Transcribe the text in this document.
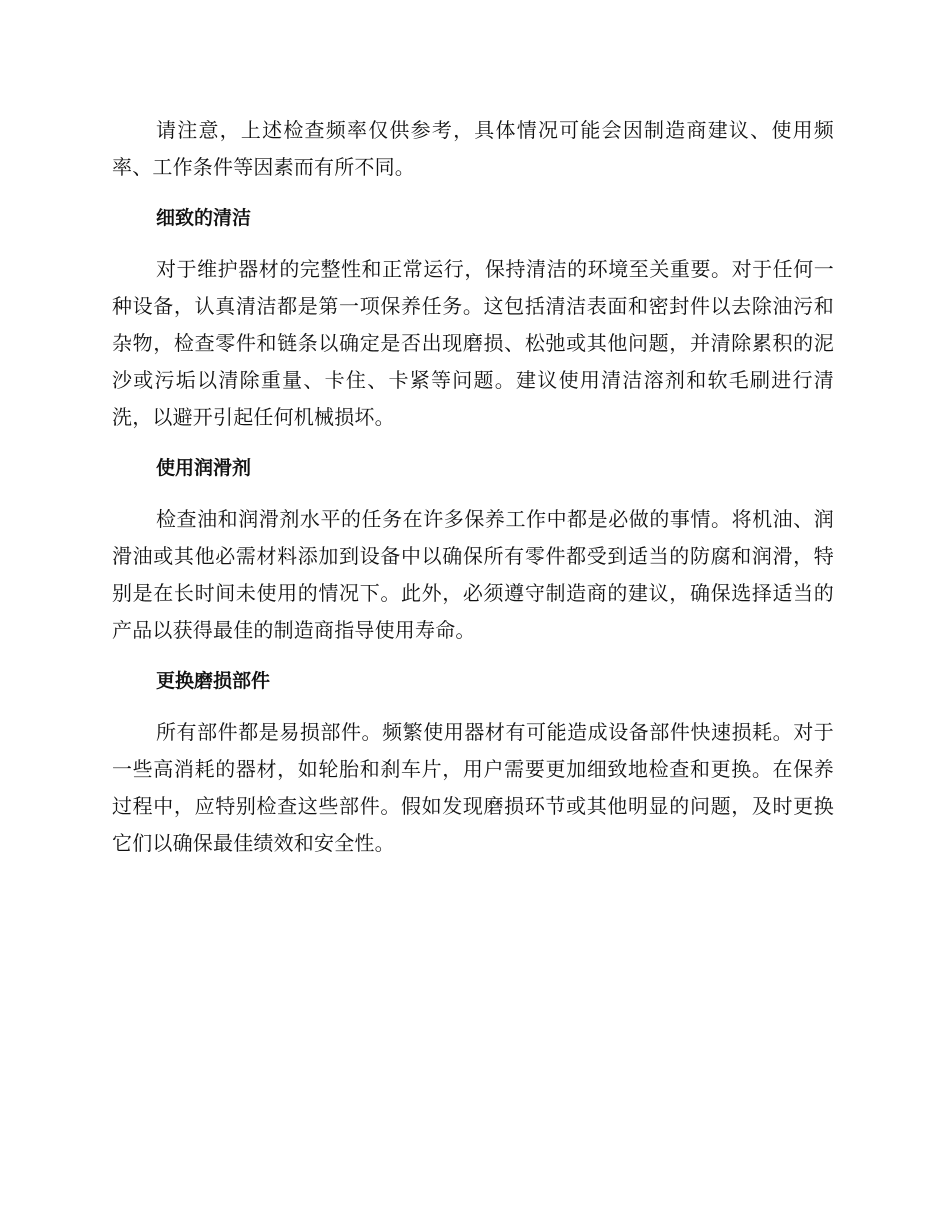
请注意，上述检查频率仅供参考，具体情况可能会因制造商建议、使用频率、工作条件等因素而有所不同。

细致的清洁

对于维护器材的完整性和正常运行，保持清洁的环境至关重要。对于任何一种设备，认真清洁都是第一项保养任务。这包括清洁表面和密封件以去除油污和杂物，检查零件和链条以确定是否出现磨损、松弛或其他问题，并清除累积的泥沙或污垢以清除重量、卡住、卡紧等问题。建议使用清洁溶剂和软毛刷进行清洗，以避开引起任何机械损坏。

使用润滑剂

检查油和润滑剂水平的任务在许多保养工作中都是必做的事情。将机油、润滑油或其他必需材料添加到设备中以确保所有零件都受到适当的防腐和润滑，特别是在长时间未使用的情况下。此外，必须遵守制造商的建议，确保选择适当的产品以获得最佳的制造商指导使用寿命。

更换磨损部件

所有部件都是易损部件。频繁使用器材有可能造成设备部件快速损耗。对于一些高消耗的器材，如轮胎和刹车片，用户需要更加细致地检查和更换。在保养过程中，应特别检查这些部件。假如发现磨损环节或其他明显的问题，及时更换它们以确保最佳绩效和安全性。
